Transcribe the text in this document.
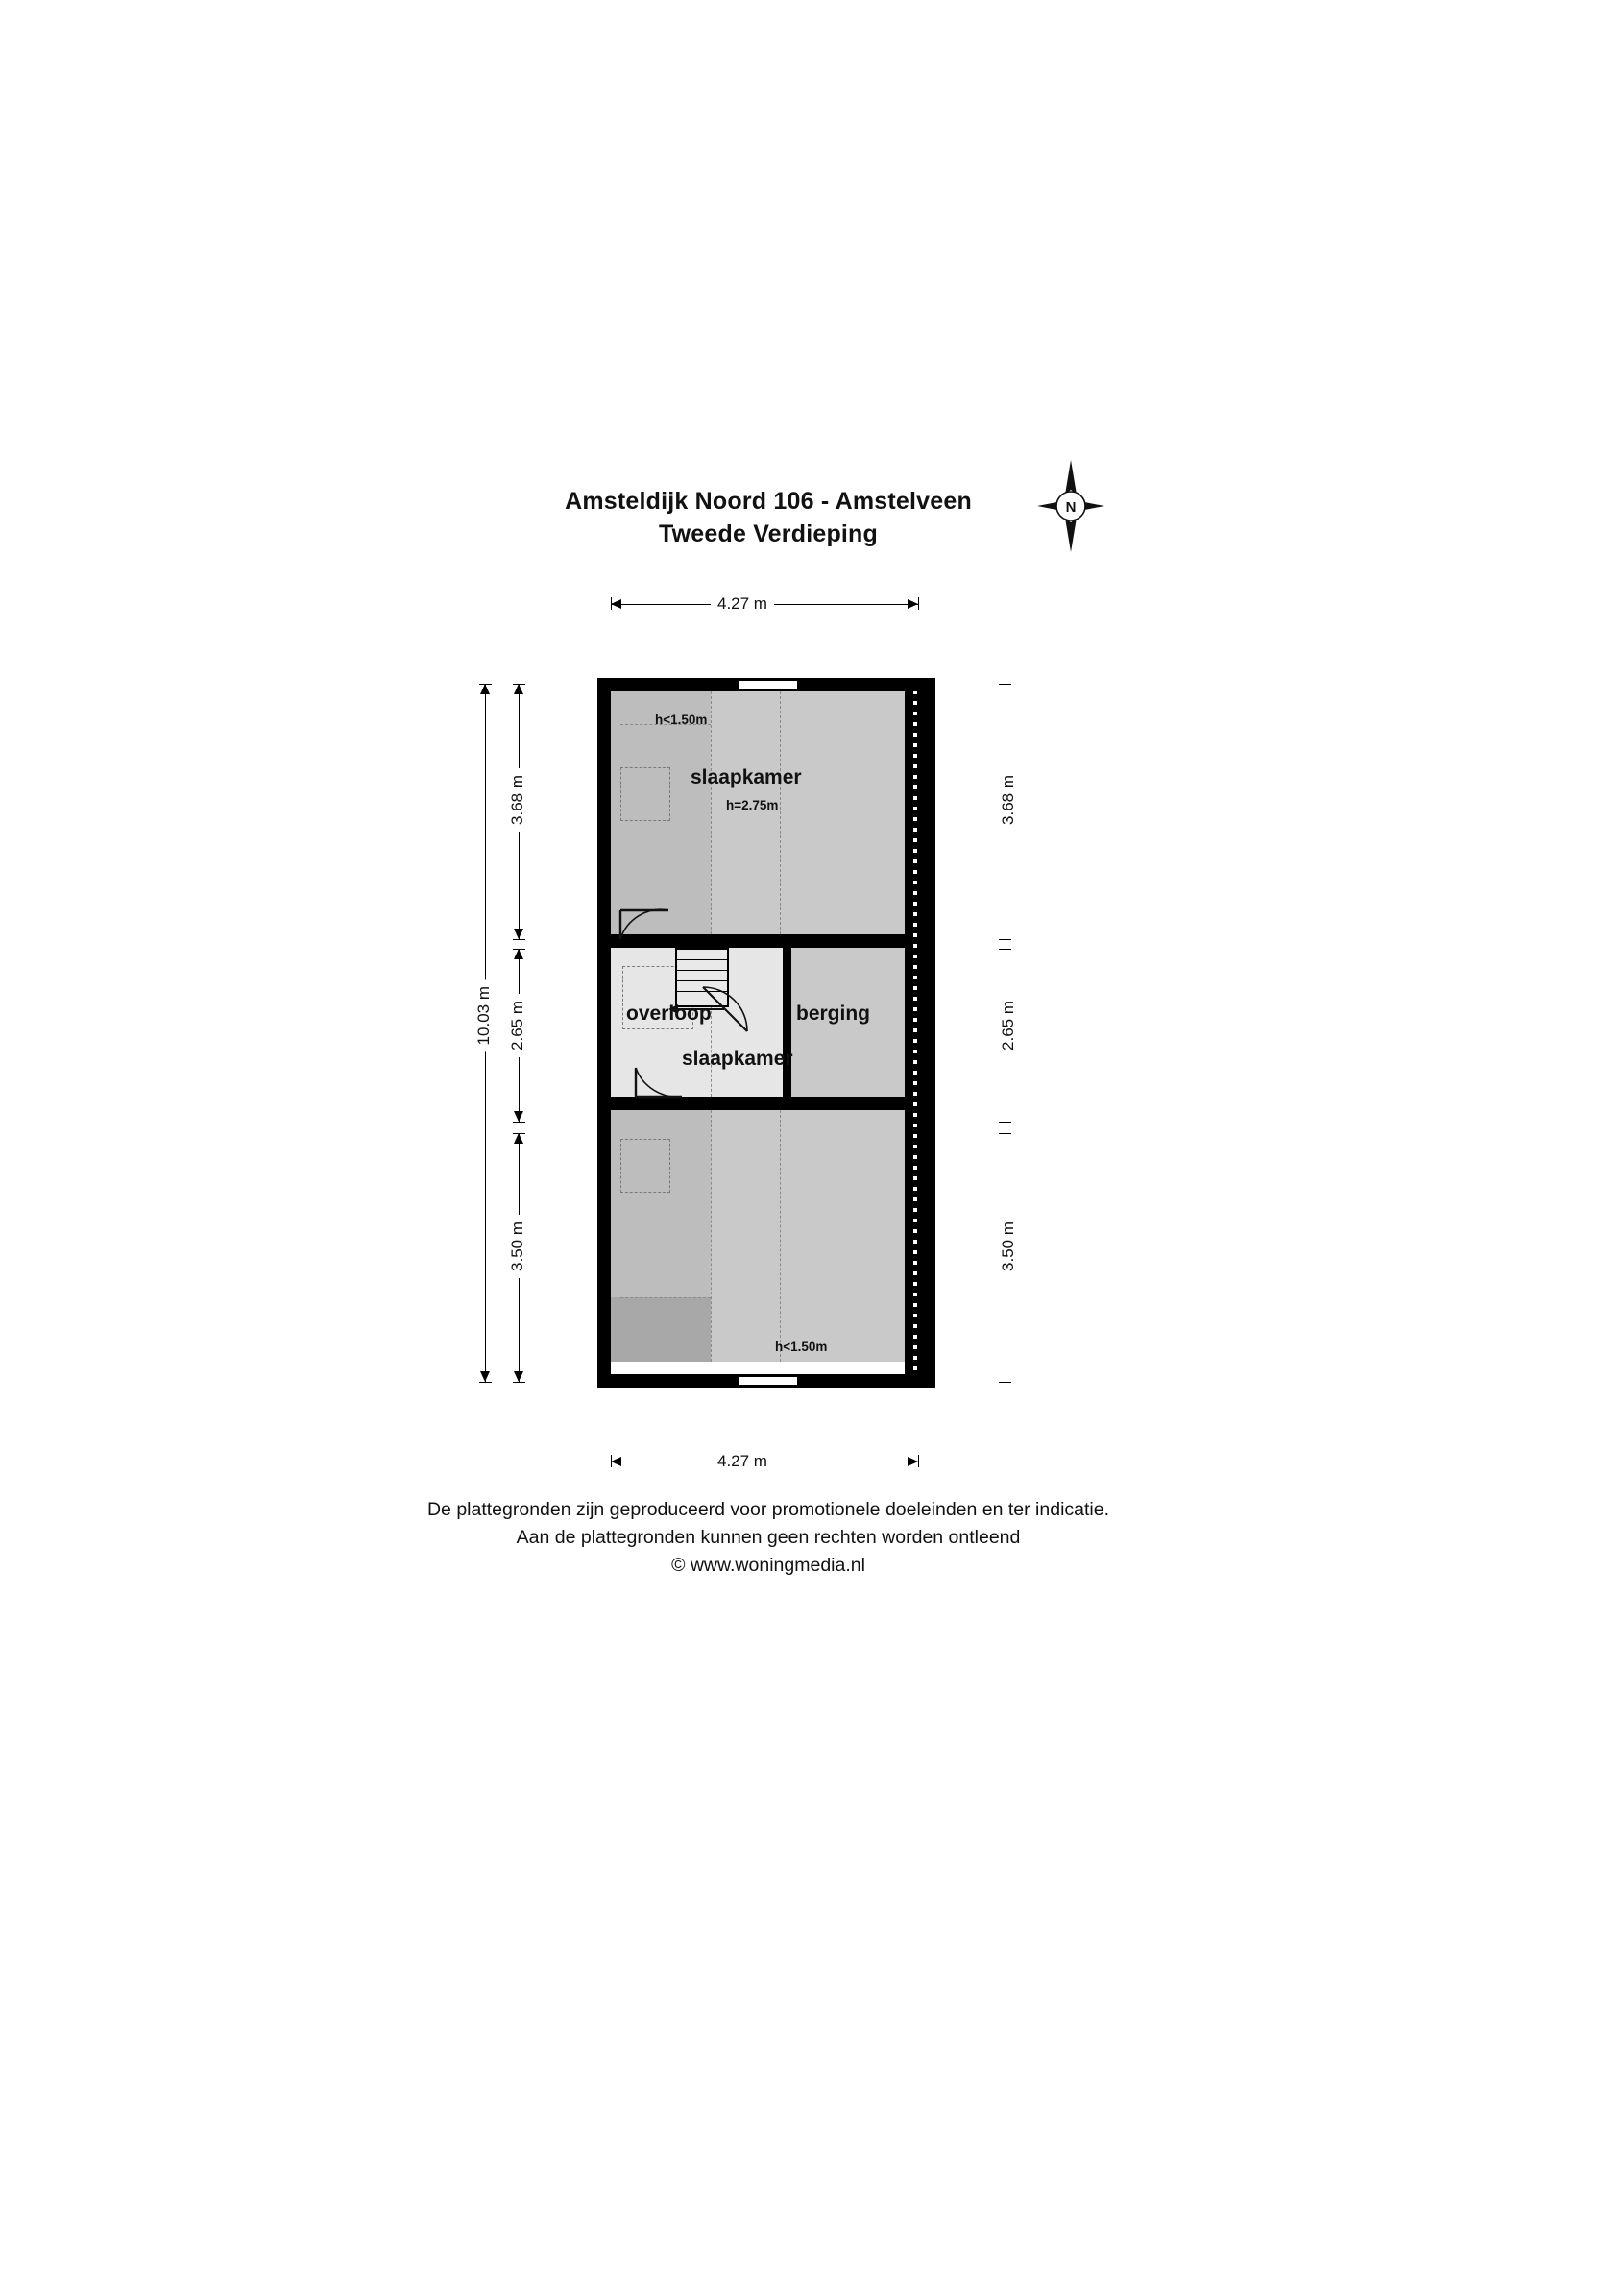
Amsteldijk Noord 106 - Amstelveen
Tweede Verdieping
N
4.27 m
h<1.50m
slaapkamer
h=2.75m
overloop	berging
slaapkamer
h<1.50m
10.03 m
3.68 m
2.65 m
3.50 m
3.68 m
2.65 m
3.50 m
4.27 m
De plattegronden zijn geproduceerd voor promotionele doeleinden en ter indicatie.
Aan de plattegronden kunnen geen rechten worden ontleend
© www.woningmedia.nl
